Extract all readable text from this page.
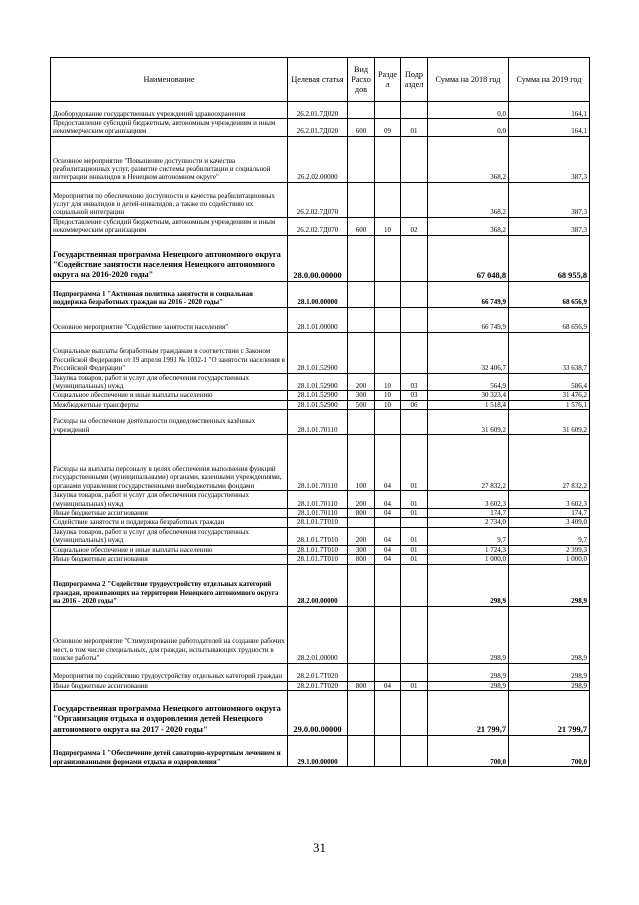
Наименование	Целевая статья	Вид Расхо дов	Разде л	Подр аздел	Сумма на 2018 год	Сумма на 2019 год
Дооборудование государственных учреждений здравоохранения	26.2.01.7Д020				0,0	164,1
Предоставление субсидий бюджетным, автономным учреждениям и иным некоммерческим организациям	26.2.01.7Д020	600	09	01	0,0	164,1
Основное мероприятие "Повышение доступности и качества реабилитационных услуг, развитие системы реабилитации и социальной интеграции инвалидов в Ненецком автономном округе"	26.2.02.00000				368,2	387,3
Мероприятия по обеспечению доступности и качества реабилитационных услуг для инвалидов и детей-инвалидов, а также по содействию их социальной интеграции	26.2.02.7Д070				368,2	387,3
Предоставление субсидий бюджетным, автономным учреждениям и иным некоммерческим организациям	26.2.02.7Д070	600	10	02	368,2	387,3
Государственная программа Ненецкого автономного округа "Содействие занятости населения Ненецкого автономного округа на 2016-2020 годы"	28.0.00.00000				67 048,8	68 955,8
Подпрограмма 1 "Активная политика занятости и социальная поддержка безработных граждан на 2016 - 2020 годы"	28.1.00.00000				66 749,9	68 656,9
Основное мероприятие "Содействие занятости населения"	28.1.01.00000				66 749,9	68 656,9
Социальные выплаты безработным гражданам в соответствии с Законом Российской Федерации от 19 апреля 1991 № 1032-1 "О занятости населения в Российской Федерации"	28.1.01.52900				32 406,7	33 638,7
Закупка товаров, работ и услуг для обеспечения государственных (муниципальных) нужд	28.1.01.52900	200	10	03	564,9	586,4
Социальное обеспечение и иные выплаты населению	28.1.01.52900	300	10	03	30 323,4	31 476,2
Межбюджетные трансферты	28.1.01.52900	500	10	06	1 518,4	1 576,1
Расходы на обеспечение деятельности подведомственных казённых учреждений	28.1.01.70110				31 609,2	31 609,2
Расходы на выплаты персоналу в целях обеспечения выполнения функций государственными (муниципальными) органами, казенными учреждениями, органами управления государственными внебюджетными фондами	28.1.01.70110	100	04	01	27 832,2	27 832,2
Закупка товаров, работ и услуг для обеспечения государственных (муниципальных) нужд	28.1.01.70110	200	04	01	3 602,3	3 602,3
Иные бюджетные ассигнования	28.1.01.70110	800	04	01	174,7	174,7
Содействие занятости и поддержка безработных граждан	28.1.01.7Т010				2 734,0	3 409,0
Закупка товаров, работ и услуг для обеспечения государственных (муниципальных) нужд	28.1.01.7Т010	200	04	01	9,7	9,7
Социальное обеспечение и иные выплаты населению	28.1.01.7Т010	300	04	01	1 724,3	2 399,3
Иные бюджетные ассигнования	28.1.01.7Т010	800	04	01	1 000,0	1 000,0
Подпрограмма 2 "Содействие трудоустройству отдельных категорий граждан, проживающих на территории Ненецкого автономного округа на 2016 - 2020 годы"	28.2.00.00000				298,9	298,9
Основное мероприятие "Стимулирование работодателей на создание рабочих мест, в том числе специальных, для граждан, испытывающих трудности в поиске работы"	28.2.01.00000				298,9	298,9
Мероприятия по содействию трудоустройству отдельных категорий граждан	28.2.01.7Т020				298,9	298,9
Иные бюджетные ассигнования	28.2.01.7Т020	800	04	01	298,9	298,9
Государственная программа Ненецкого автономного округа "Организация отдыха и оздоровления детей Ненецкого автономного округа на 2017 - 2020 годы"	29.0.00.00000				21 799,7	21 799,7
Подпрограмма 1 "Обеспечение детей санаторно-курортным лечением и организованными формами отдыха и оздоровления"	29.1.00.00000				700,0	700,0
31
